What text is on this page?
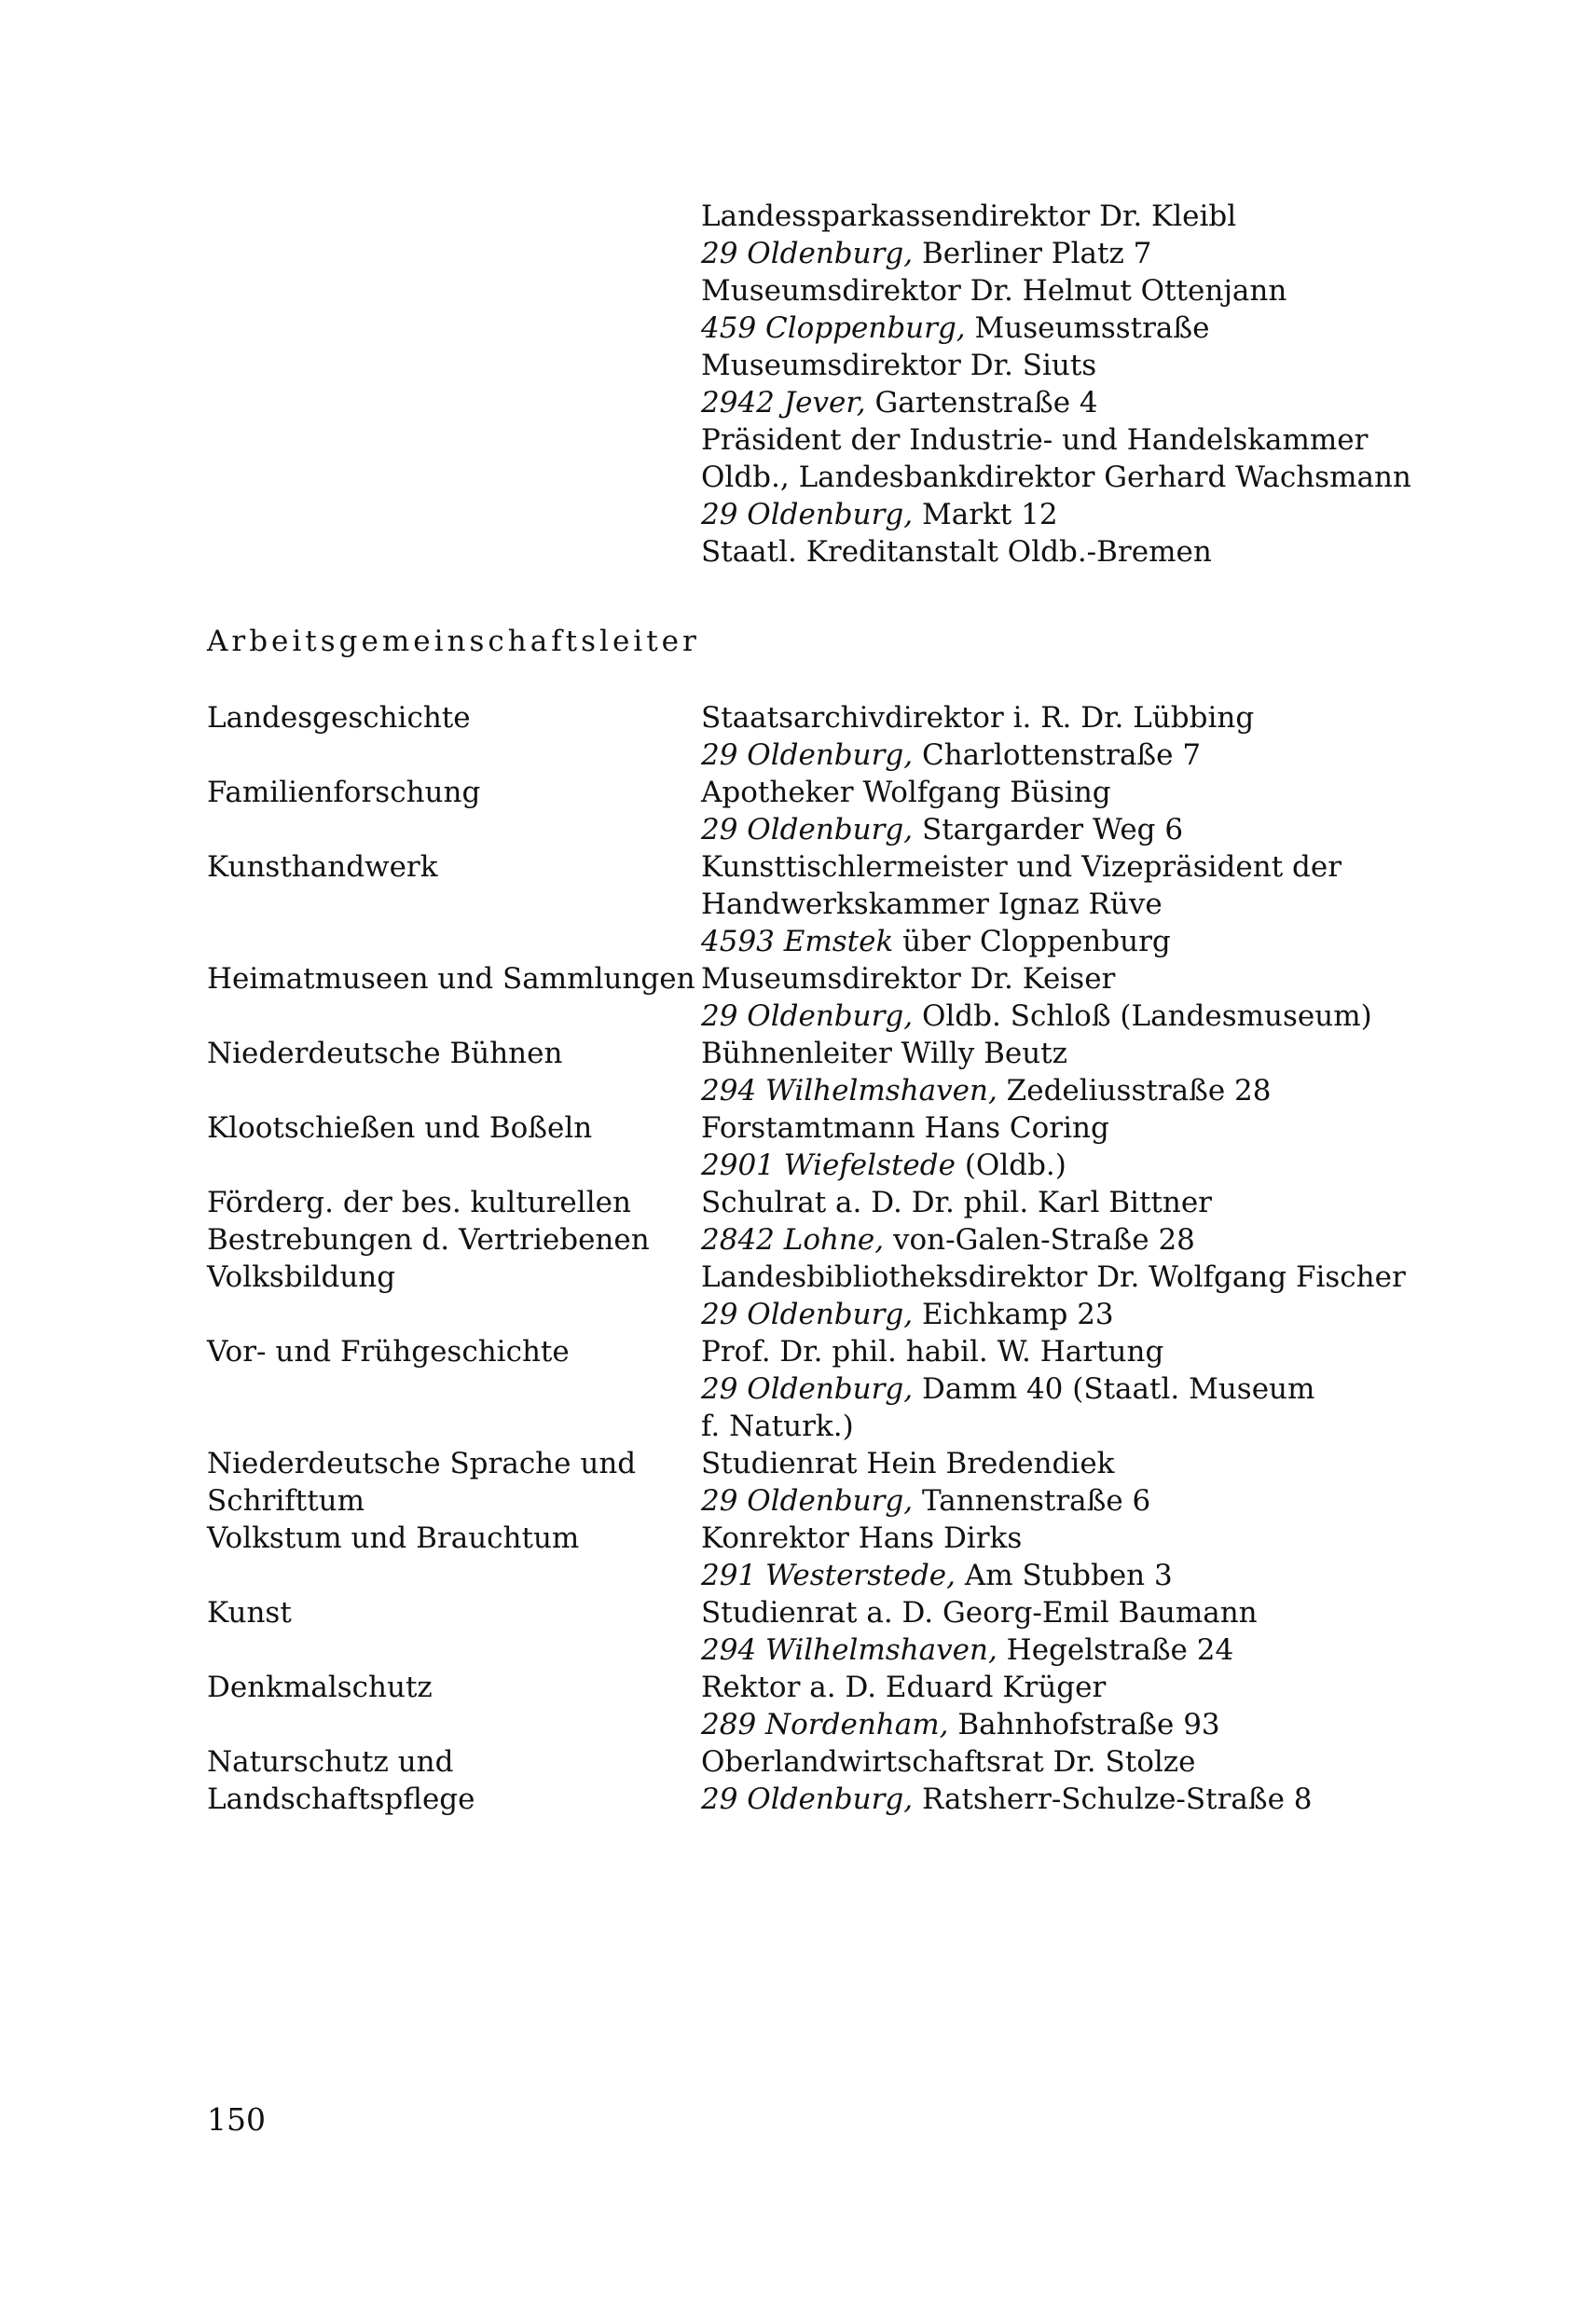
Landessparkassendirektor Dr. Kleibl
29 Oldenburg, Berliner Platz 7
Museumsdirektor Dr. Helmut Ottenjann
459 Cloppenburg, Museumsstraße
Museumsdirektor Dr. Siuts
2942 Jever, Gartenstraße 4
Präsident der Industrie- und Handelskammer
Oldb., Landesbankdirektor Gerhard Wachsmann
29 Oldenburg, Markt 12
Staatl. Kreditanstalt Oldb.-Bremen
Arbeitsgemeinschaftsleiter
Landesgeschichte
Familienforschung
Kunsthandwerk
Heimatmuseen und Sammlungen
Niederdeutsche Bühnen
Klootschießen und Boßeln
Förderg. der bes. kulturellen
Bestrebungen d. Vertriebenen
Volksbildung
Vor- und Frühgeschichte
Niederdeutsche Sprache und
Schrifttum
Volkstum und Brauchtum
Kunst
Denkmalschutz
Naturschutz und
Landschaftspflege
Staatsarchivdirektor i. R. Dr. Lübbing
29 Oldenburg, Charlottenstraße 7
Apotheker Wolfgang Büsing
29 Oldenburg, Stargarder Weg 6
Kunsttischlermeister und Vizepräsident der
Handwerkskammer Ignaz Rüve
4593 Emstek über Cloppenburg
Museumsdirektor Dr. Keiser
29 Oldenburg, Oldb. Schloß (Landesmuseum)
Bühnenleiter Willy Beutz
294 Wilhelmshaven, Zedeliusstraße 28
Forstamtmann Hans Coring
2901 Wiefelstede (Oldb.)
Schulrat a. D. Dr. phil. Karl Bittner
2842 Lohne, von-Galen-Straße 28
Landesbibliotheksdirektor Dr. Wolfgang Fischer
29 Oldenburg, Eichkamp 23
Prof. Dr. phil. habil. W. Hartung
29 Oldenburg, Damm 40 (Staatl. Museum
f. Naturk.)
Studienrat Hein Bredendiek
29 Oldenburg, Tannenstraße 6
Konrektor Hans Dirks
291 Westerstede, Am Stubben 3
Studienrat a. D. Georg-Emil Baumann
294 Wilhelmshaven, Hegelstraße 24
Rektor a. D. Eduard Krüger
289 Nordenham, Bahnhofstraße 93
Oberlandwirtschaftsrat Dr. Stolze
29 Oldenburg, Ratsherr-Schulze-Straße 8
150
